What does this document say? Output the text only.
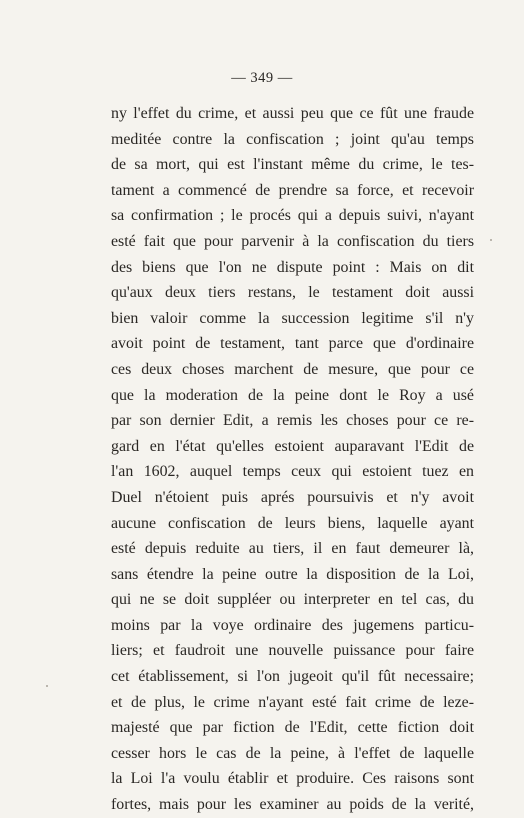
— 349 —
ny l'effet du crime, et aussi peu que ce fût une fraude
meditée contre la confiscation ; joint qu'au temps
de sa mort, qui est l'instant même du crime, le tes-
tament a commencé de prendre sa force, et recevoir
sa confirmation ; le procés qui a depuis suivi, n'ayant
esté fait que pour parvenir à la confiscation du tiers
des biens que l'on ne dispute point : Mais on dit
qu'aux deux tiers restans, le testament doit aussi
bien valoir comme la succession legitime s'il n'y
avoit point de testament, tant parce que d'ordinaire
ces deux choses marchent de mesure, que pour ce
que la moderation de la peine dont le Roy a usé
par son dernier Edit, a remis les choses pour ce re-
gard en l'état qu'elles estoient auparavant l'Edit de
l'an 1602, auquel temps ceux qui estoient tuez en
Duel n'étoient puis aprés poursuivis et n'y avoit
aucune confiscation de leurs biens, laquelle ayant
esté depuis reduite au tiers, il en faut demeurer là,
sans étendre la peine outre la disposition de la Loi,
qui ne se doit suppléer ou interpreter en tel cas, du
moins par la voye ordinaire des jugemens particu-
liers; et faudroit une nouvelle puissance pour faire
cet établissement, si l'on jugeoit qu'il fût necessaire;
et de plus, le crime n'ayant esté fait crime de leze-
majesté que par fiction de l'Edit, cette fiction doit
cesser hors le cas de la peine, à l'effet de laquelle
la Loi l'a voulu établir et produire. Ces raisons sont
fortes, mais pour les examiner au poids de la verité,
